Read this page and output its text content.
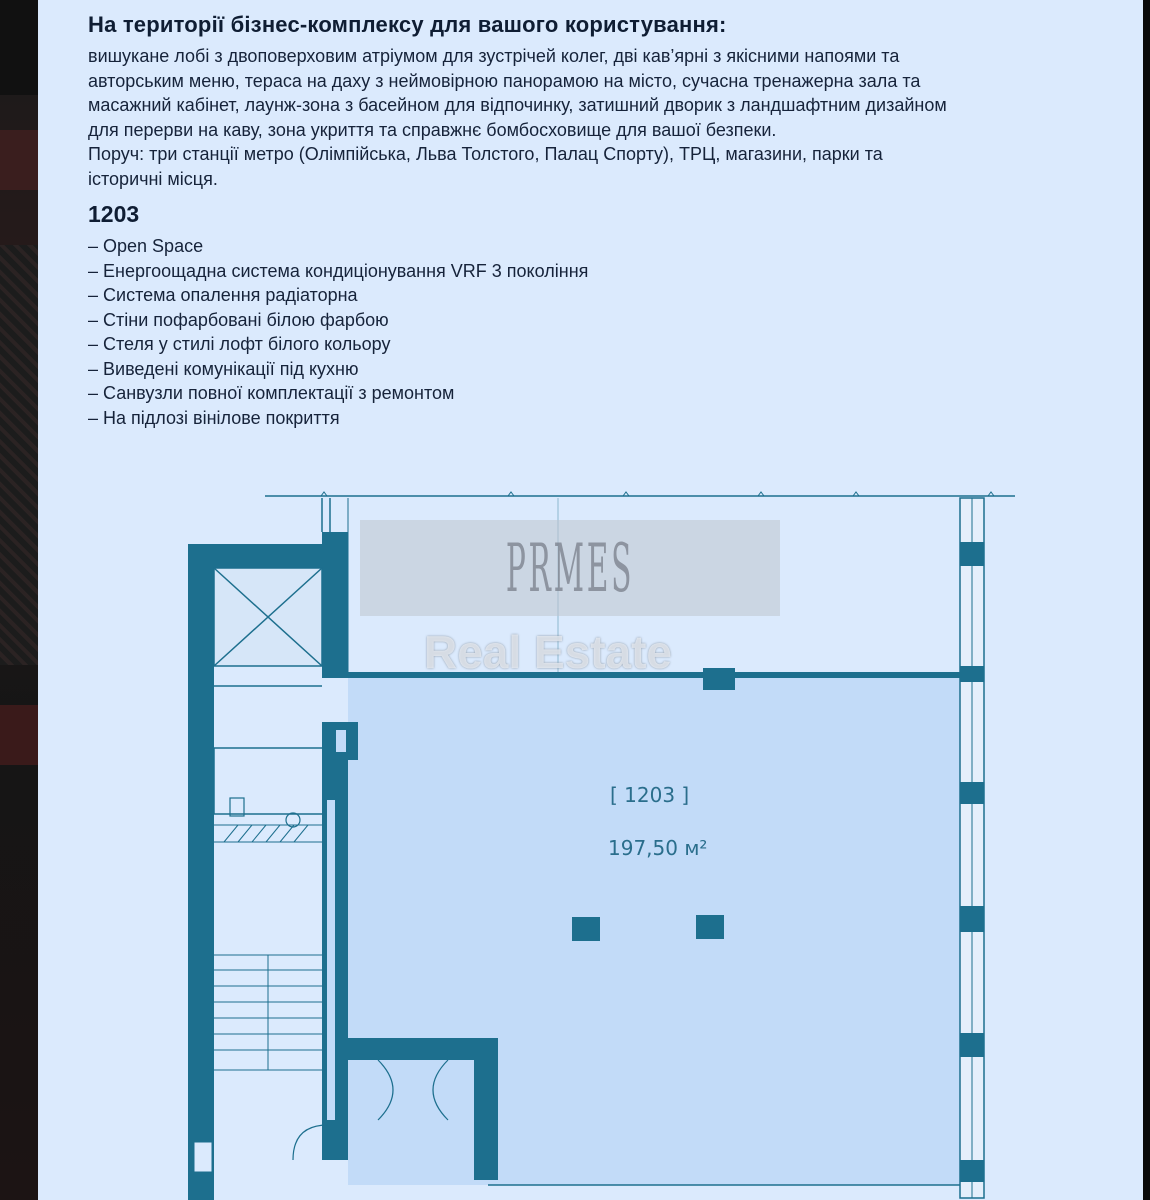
На території бізнес-комплексу для вашого користування:

вишукане лобі з двоповерховим атріумом для зустрічей колег, дві кав’ярні з якісними напоями та
авторським меню, тераса на даху з неймовірною панорамою на місто, сучасна тренажерна зала та
масажний кабінет, лаунж-зона з басейном для відпочинку, затишний дворик з ландшафтним дизайном
для перерви на каву, зона укриття та справжнє бомбосховище для вашої безпеки.
Поруч: три станції метро (Олімпійська, Льва Толстого, Палац Спорту), ТРЦ, магазини, парки та
історичні місця.

1203
– Open Space
– Енергоощадна система кондиціонування VRF 3 покоління
– Система опалення радіаторна
– Стіни пофарбовані білою фарбою
– Стеля у стилі лофт білого кольору
– Виведені комунікації під кухню
– Санвузли повної комплектації з ремонтом
– На підлозі вінілове покриття
[ 1203 ]
197,50 м²
PRMES
Real Estate
